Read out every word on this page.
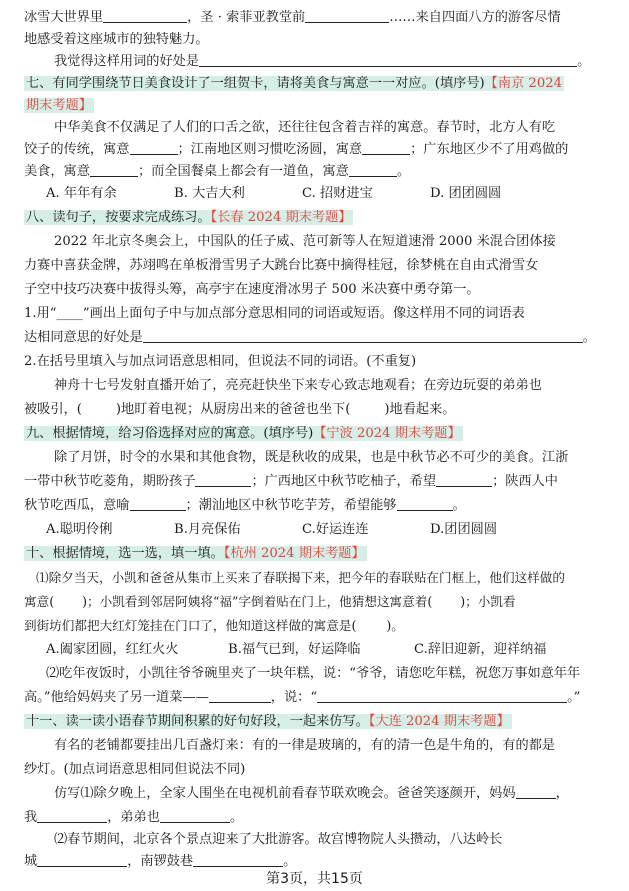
冰雪大世界里	，圣 · 索菲亚教堂前	……来自四面八方的游客尽情
地感受着这座城市的独特魅力。
我觉得这样用词的好处是	。
七、有同学围绕节日美食设计了一组贺卡，请将美食与寓意一一对应。(填序号)【南京 2024
期末考题】
中华美食不仅满足了人们的口舌之欲，还往往包含着吉祥的寓意。春节时，北方人有吃
饺子的传统，寓意	；江南地区则习惯吃汤圆，寓意	；广东地区少不了用鸡做的
美食，寓意	；而全国餐桌上都会有一道鱼，寓意	。
A. 年年有余	B. 大吉大利	C. 招财进宝	D. 团团圆圆
八、读句子，按要求完成练习。【长春 2024 期末考题】
2022 年北京冬奥会上，中国队的任子威、范可新等人在短道速滑 2000 米混合团体接
力赛中喜获金牌，苏翊鸣在单板滑雪男子大跳台比赛中摘得桂冠，徐梦桃在自由式滑雪女
子空中技巧决赛中拔得头筹，高亭宇在速度滑冰男子 500 米决赛中勇夺第一。
1.用“____”画出上面句子中与加点部分意思相同的词语或短语。像这样用不同的词语表
达相同意思的好处是	。
2.在括号里填入与加点词语意思相同，但说法不同的词语。(不重复)
神舟十七号发射直播开始了，亮亮赶快坐下来专心致志地观看；在旁边玩耍的弟弟也
被吸引，(	)地盯着电视；从厨房出来的爸爸也坐下(	)地看起来。
九、根据情境，给习俗选择对应的寓意。(填序号)【宁波 2024 期末考题】
除了月饼，时令的水果和其他食物，既是秋收的成果，也是中秋节必不可少的美食。江浙
一带中秋节吃菱角，期盼孩子	；广西地区中秋节吃柚子，希望	；陕西人中
秋节吃西瓜，意喻	；潮汕地区中秋节吃芋芳，希望能够	。
A.聪明伶俐	B.月亮保佑	C.好运连连	D.团团圆圆
十、根据情境，选一选，填一填。【杭州 2024 期末考题】
⑴除夕当天，小凯和爸爸从集市上买来了春联揭下来，把今年的春联贴在门框上，他们这样做的
寓意( )；小凯看到邻居阿姨将“福”字倒着贴在门上，他猜想这寓意着( )；小凯看
到街坊们都把大红灯笼挂在门口了，他知道这样做的寓意是( )。
A.阖家团圆，红红火火	B.福气已到，好运降临	C.辞旧迎新，迎祥纳福
十一、读一读小语春节期间积累的好句好段，一起来仿写。【大连 2024 期末考题】
有名的老铺都要挂出几百盏灯来：有的一律是玻璃的，有的清一色是牛角的，有的都是
纱灯。(加点词语意思相同但说法不同)
仿写⑴除夕晚上，全家人围坐在电视机前看春节联欢晚会。爸爸笑逐颜开，妈妈	，
第3页，共15页
⑵吃年夜饭时，小凯往爷爷碗里夹了一块年糕，说：“爷爷，请您吃年糕，祝您万事如意年年
高。”他给妈妈夹了另一道菜——	，说：“	。”
我	，弟弟也	。
⑵春节期间，北京各个景点迎来了大批游客。故宫博物院人头攒动，八达岭长
城	，南锣鼓巷	。
